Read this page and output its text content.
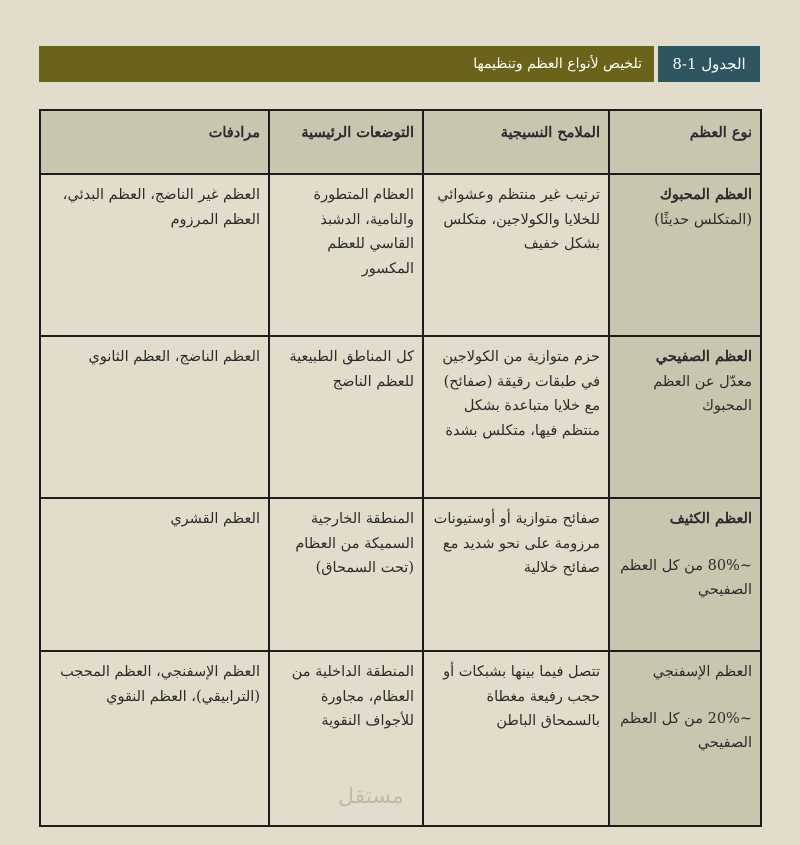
الجدول 1-8
تلخيص لأنواع العظم وتنظيمها
نوع العظم	الملامح النسيجية	التوضعات الرئيسية	مرادفات

العظم المحبوك
(المتكلس حديثًا)	ترتيب غير منتظم وعشوائي للخلايا والكولاجين، متكلس بشكل خفيف	العظام المتطورة والنامية، الدشبذ القاسي للعظم المكسور	العظم غير الناضج، العظم البدئي، العظم المرزوم

العظم الصفيحي
معدّل عن العظم المحبوك	حزم متوازية من الكولاجين في طبقات رقيقة (صفائح) مع خلايا متباعدة بشكل منتظم فيها، متكلس بشدة	كل المناطق الطبيعية للعظم الناضج	العظم الناضج، العظم الثانوي

العظم الكثيف
~80% من كل العظم الصفيحي	صفائح متوازية أو أوستيونات مرزومة على نحو شديد مع صفائح خلالية	المنطقة الخارجية السميكة من العظام (تحت السمحاق)	العظم القشري

العظم الإسفنجي
~20% من كل العظم الصفيحي	تتصل فيما بينها بشبكات أو حجب رفيعة مغطاة بالسمحاق الباطن	المنطقة الداخلية من العظام، مجاورة للأجواف النقوية	العظم الإسفنجي، العظم المحجب (الترابيقي)، العظم النقوي
مستقل
